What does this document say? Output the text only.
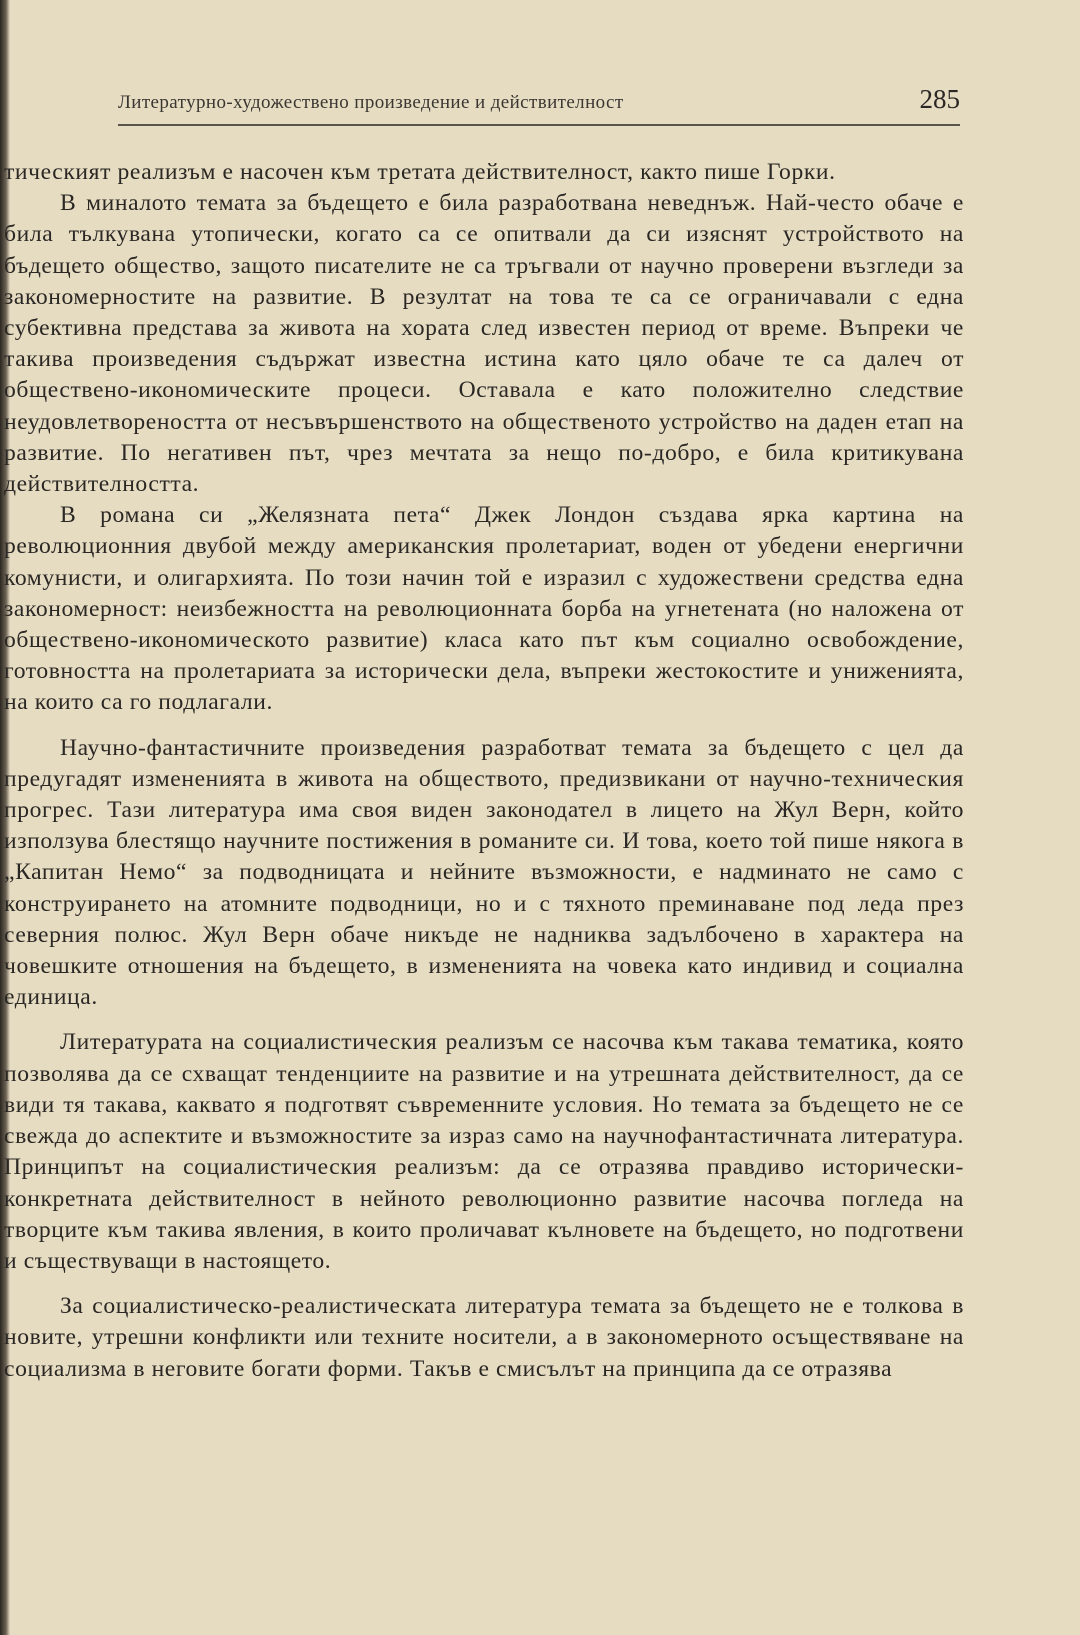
Литературно-художествено произведение и действителност	285

тическият реализъм е насочен към третата действителност, както пише Горки.

В миналото темата за бъдещето е била разработвана неведнъж. Най-често обаче е била тълкувана утопически, когато са се опитвали да си изяснят устройството на бъдещето общество, защото писателите не са тръгвали от научно проверени възгледи за закономерностите на развитие. В резултат на това те са се ограничавали с една субективна представа за живота на хората след известен период от време. Въпреки че такива произведения съдържат известна истина като цяло обаче те са далеч от обществено-икономическите процеси. Оставала е като положително следствие неудовлетвореността от несъвършенството на общественото устройство на даден етап на развитие. По негативен път, чрез мечтата за нещо по-добро, е била критикувана действителността.

В романа си „Желязната пета“ Джек Лондон създава ярка картина на революционния двубой между американския пролетариат, воден от убедени енергични комунисти, и олигархията. По този начин той е изразил с художествени средства една закономерност: неизбежността на революционната борба на угнетената (но наложена от обществено-икономическото развитие) класа като път към социално освобождение, готовността на пролетариата за исторически дела, въпреки жестокостите и униженията, на които са го подлагали.

Научно-фантастичните произведения разработват темата за бъдещето с цел да предугадят измененията в живота на обществото, предизвикани от научно-техническия прогрес. Тази литература има своя виден законодател в лицето на Жул Верн, който използува блестящо научните постижения в романите си. И това, което той пише някога в „Капитан Немо“ за подводницата и нейните възможности, е надминато не само с конструирането на атомните подводници, но и с тяхното преминаване под леда през северния полюс. Жул Верн обаче никъде не надниква задълбочено в характера на човешките отношения на бъдещето, в измененията на човека като индивид и социална единица.

Литературата на социалистическия реализъм се насочва към такава тематика, която позволява да се схващат тенденциите на развитие и на утрешната действителност, да се види тя такава, каквато я подготвят съвременните условия. Но темата за бъдещето не се свежда до аспектите и възможностите за израз само на научнофантастичната литература. Принципът на социалистическия реализъм: да се отразява правдиво исторически-конкретната действителност в нейното революционно развитие насочва погледа на творците към такива явления, в които проличават кълновете на бъдещето, но подготвени и съществуващи в настоящето.

За социалистическо-реалистическата литература темата за бъдещето не е толкова в новите, утрешни конфликти или техните носители, а в закономерното осъществяване на социализма в неговите богати форми. Такъв е смисълът на принципа да се отразява
